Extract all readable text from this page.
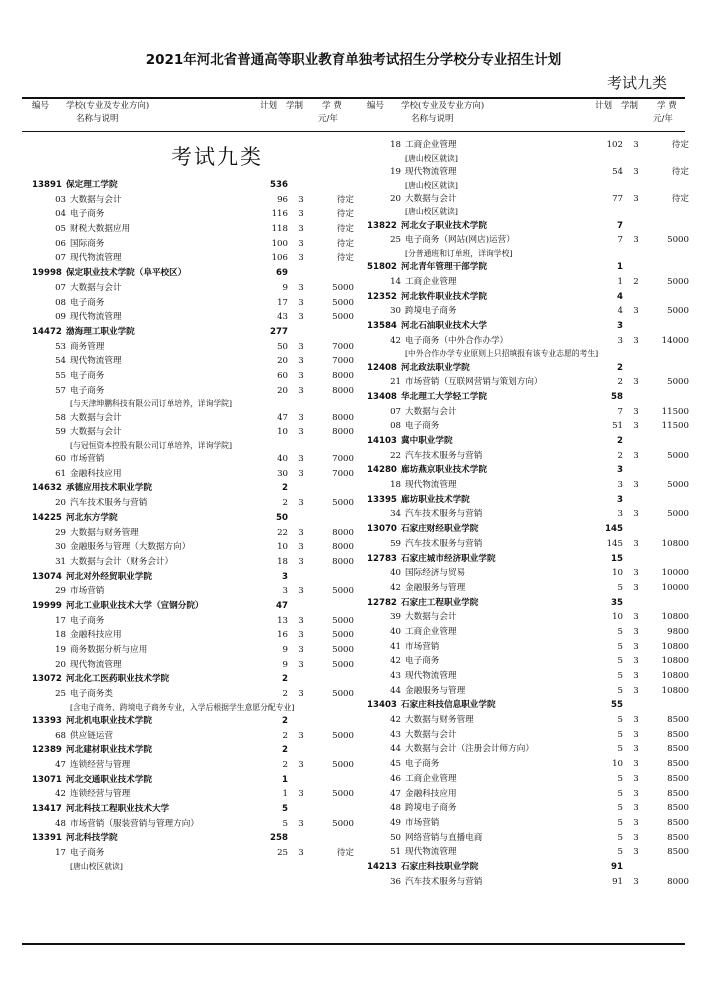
2021年河北省普通高等职业教育单独考试招生分学校分专业招生计划
考试九类
编号 学校(专业及专业方向)
名称与说明
计划 学制 学 费
元/年
编号 学校(专业及专业方向)
名称与说明
计划 学制 学 费
元/年
考试九类
13891 保定理工学院	536
03 大数据与会计	96	3	待定
04 电子商务	116	3	待定
05 财税大数据应用	118	3	待定
06 国际商务	100	3	待定
07 现代物流管理	106	3	待定
19998 保定职业技术学院（阜平校区）	69
07 大数据与会计	9	3	5000
08 电子商务	17	3	5000
09 现代物流管理	43	3	5000
14472 渤海理工职业学院	277
53 商务管理	50	3	7000
54 现代物流管理	20	3	7000
55 电子商务	60	3	8000
57 电子商务	20	3	8000
[与天津坤鹏科技有限公司订单培养，详询学院]
58 大数据与会计	47	3	8000
59 大数据与会计	10	3	8000
[与冠恒资本控股有限公司订单培养，详询学院]
60 市场营销	40	3	7000
61 金融科技应用	30	3	7000
14632 承德应用技术职业学院	2
20 汽车技术服务与营销	2	3	5000
14225 河北东方学院	50
29 大数据与财务管理	22	3	8000
30 金融服务与管理（大数据方向）	10	3	8000
31 大数据与会计（财务会计）	18	3	8000
13074 河北对外经贸职业学院	3
29 市场营销	3	3	5000
19999 河北工业职业技术大学（宣钢分院）	47
17 电子商务	13	3	5000
18 金融科技应用	16	3	5000
19 商务数据分析与应用	9	3	5000
20 现代物流管理	9	3	5000
13072 河北化工医药职业技术学院	2
25 电子商务类	2	3	5000
[含电子商务、跨境电子商务专业，入学后根据学生意愿分配专业]
13393 河北机电职业技术学院	2
68 供应链运营	2	3	5000
12389 河北建材职业技术学院	2
47 连锁经营与管理	2	3	5000
13071 河北交通职业技术学院	1
42 连锁经营与管理	1	3	5000
13417 河北科技工程职业技术大学	5
48 市场营销（服装营销与管理方向）	5	3	5000
13391 河北科技学院	258
17 电子商务	25	3	待定
[唐山校区就读]
18 工商企业管理	102	3	待定
[唐山校区就读]
19 现代物流管理	54	3	待定
[唐山校区就读]
20 大数据与会计	77	3	待定
[唐山校区就读]
13822 河北女子职业技术学院	7
25 电子商务（网站(网店)运营）	7	3	5000
[分普通班和订单班，详询学校]
51802 河北青年管理干部学院	1
14 工商企业管理	1	2	5000
12352 河北软件职业技术学院	4
30 跨境电子商务	4	3	5000
13584 河北石油职业技术大学	3
42 电子商务（中外合作办学）	3	3	14000
[中外合作办学专业原则上只招填报有该专业志愿的考生]
12408 河北政法职业学院	2
21 市场营销（互联网营销与策划方向）	2	3	5000
13408 华北理工大学轻工学院	58
07 大数据与会计	7	3	11500
08 电子商务	51	3	11500
14103 冀中职业学院	2
22 汽车技术服务与营销	2	3	5000
14280 廊坊燕京职业技术学院	3
18 现代物流管理	3	3	5000
13395 廊坊职业技术学院	3
34 汽车技术服务与营销	3	3	5000
13070 石家庄财经职业学院	145
59 汽车技术服务与营销	145	3	10800
12783 石家庄城市经济职业学院	15
40 国际经济与贸易	10	3	10000
42 金融服务与管理	5	3	10000
12782 石家庄工程职业学院	35
39 大数据与会计	10	3	10800
40 工商企业管理	5	3	9800
41 市场营销	5	3	10800
42 电子商务	5	3	10800
43 现代物流管理	5	3	10800
44 金融服务与管理	5	3	10800
13403 石家庄科技信息职业学院	55
42 大数据与财务管理	5	3	8500
43 大数据与会计	5	3	8500
44 大数据与会计（注册会计师方向）	5	3	8500
45 电子商务	10	3	8500
46 工商企业管理	5	3	8500
47 金融科技应用	5	3	8500
48 跨境电子商务	5	3	8500
49 市场营销	5	3	8500
50 网络营销与直播电商	5	3	8500
51 现代物流管理	5	3	8500
14213 石家庄科技职业学院	91
36 汽车技术服务与营销	91	3	8000
